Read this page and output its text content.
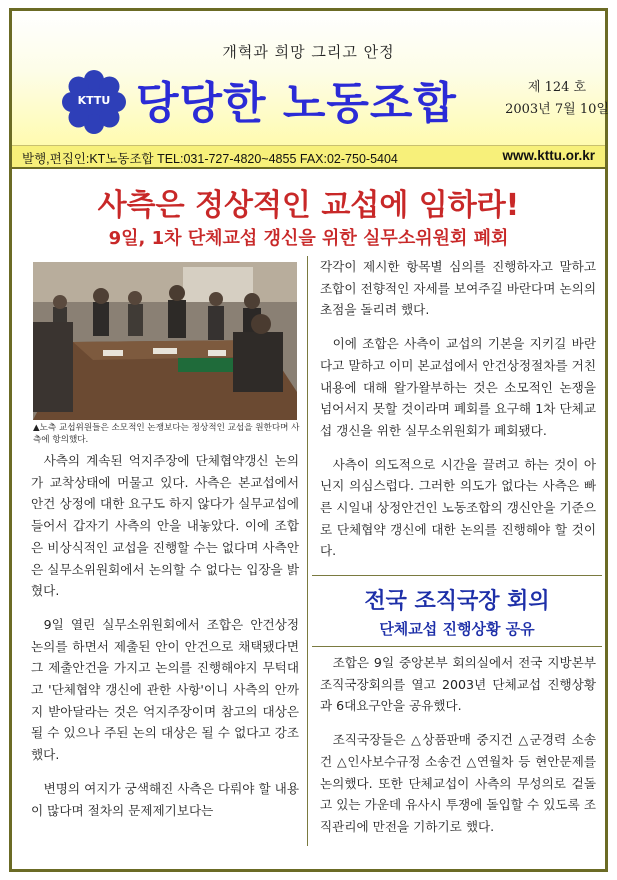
개혁과 희망 그리고 안정
KTTU 당당한 노동조합	제 124 호
2003년 7월 10일
발행,편집인:KT노동조합 TEL:031-727-4820~4855 FAX:02-750-5404	www.kttu.or.kr
사측은 정상적인 교섭에 임하라!
9일, 1차 단체교섭 갱신을 위한 실무소위원회 폐회
▲노측 교섭위원들은 소모적인 논쟁보다는 정상적인 교섭을 원한다며 사측에 항의했다.

사측의 계속된 억지주장에 단체협약갱신 논의가 교착상태에 머물고 있다. 사측은 본교섭에서 안건 상정에 대한 요구도 하지 않다가 실무교섭에 들어서 갑자기 사측의 안을 내놓았다. 이에 조합은 비상식적인 교섭을 진행할 수는 없다며 사측안은 실무소위원회에서 논의할 수 없다는 입장을 밝혔다.

9일 열린 실무소위원회에서 조합은 안건상정 논의를 하면서 제출된 안이 안건으로 채택됐다면 그 제출안건을 가지고 논의를 진행해야지 무턱대고 '단체협약 갱신에 관한 사항'이니 사측의 안까지 받아달라는 것은 억지주장이며 참고의 대상은 될 수 있으나 주된 논의 대상은 될 수 없다고 강조했다.

변명의 여지가 궁색해진 사측은 다뤄야 할 내용이 많다며 절차의 문제제기보다는

각각이 제시한 항목별 심의를 진행하자고 말하고 조합이 전향적인 자세를 보여주길 바란다며 논의의 초점을 돌리려 했다.

이에 조합은 사측이 교섭의 기본을 지키길 바란다고 말하고 이미 본교섭에서 안건상정절차를 거친 내용에 대해 왈가왈부하는 것은 소모적인 논쟁을 넘어서지 못할 것이라며 폐회를 요구해 1차 단체교섭 갱신을 위한 실무소위원회가 폐회됐다.

사측이 의도적으로 시간을 끌려고 하는 것이 아닌지 의심스럽다. 그러한 의도가 없다는 사측은 빠른 시일내 상정안건인 노동조합의 갱신안을 기준으로 단체협약 갱신에 대한 논의를 진행해야 할 것이다.

전국 조직국장 회의
단체교섭 진행상황 공유

조합은 9일 중앙본부 회의실에서 전국 지방본부 조직국장회의를 열고 2003년 단체교섭 진행상황과 6대요구안을 공유했다.

조직국장들은 △상품판매 중지건 △군경력 소송 건 △인사보수규정 소송건 △연월차 등 현안문제를 논의했다. 또한 단체교섭이 사측의 무성의로 겉돌고 있는 가운데 유사시 투쟁에 돌입할 수 있도록 조직관리에 만전을 기하기로 했다.
